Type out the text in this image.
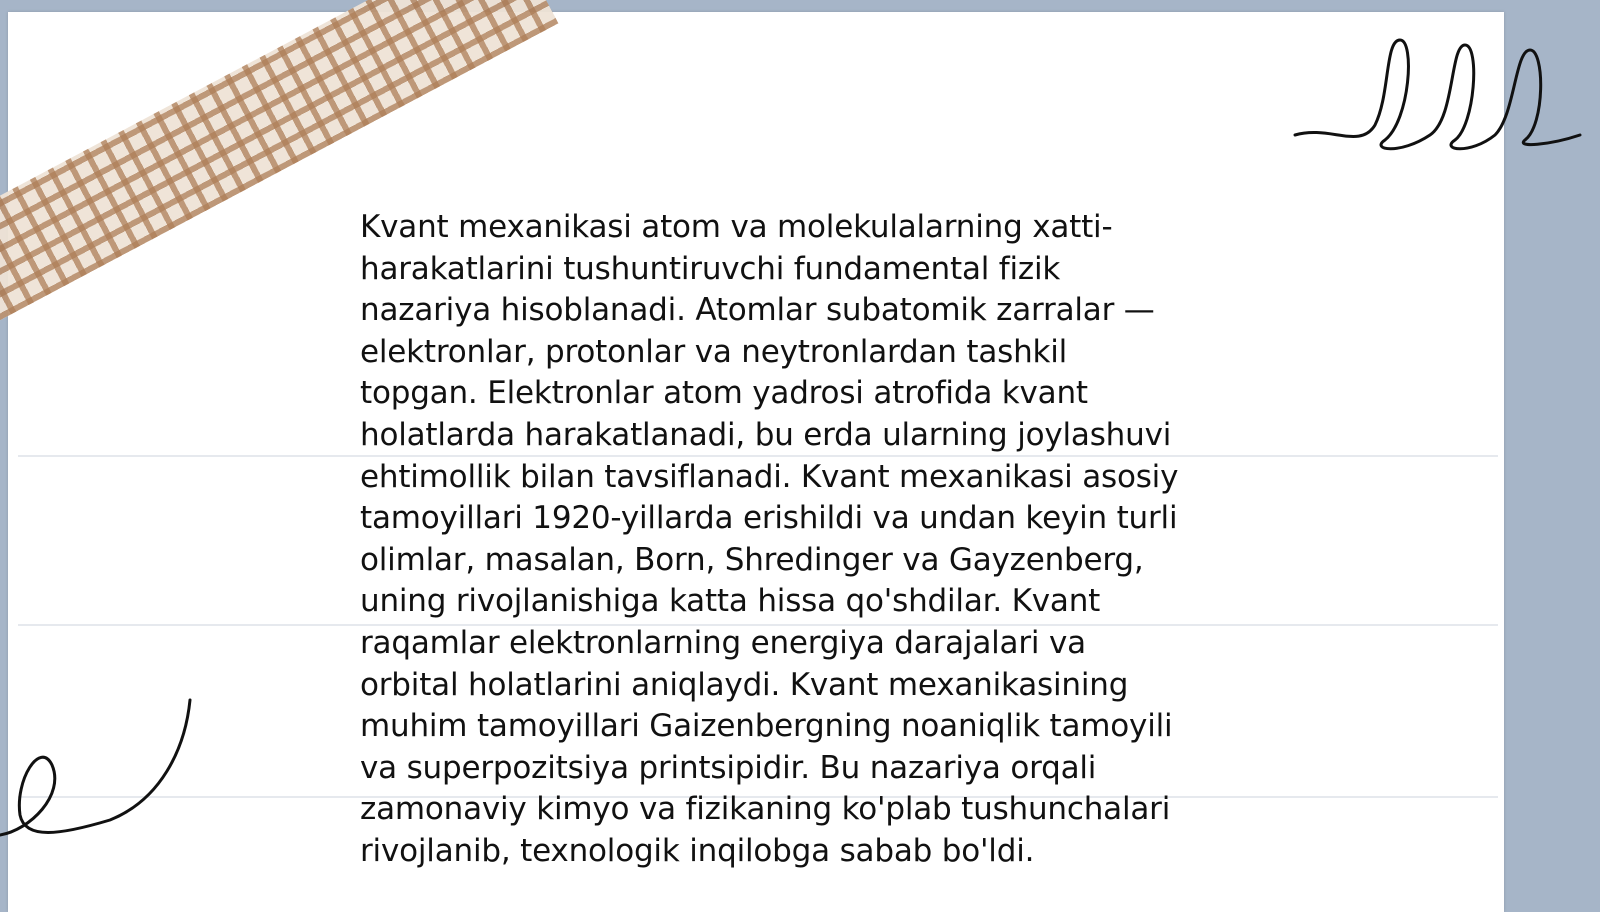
Kvant mexanikasi atom va molekulalarning xatti-
harakatlarini tushuntiruvchi fundamental fizik
nazariya hisoblanadi. Atomlar subatomik zarralar —
elektronlar, protonlar va neytronlardan tashkil
topgan. Elektronlar atom yadrosi atrofida kvant
holatlarda harakatlanadi, bu erda ularning joylashuvi
ehtimollik bilan tavsiflanadi. Kvant mexanikasi asosiy
tamoyillari 1920-yillarda erishildi va undan keyin turli
olimlar, masalan, Born, Shredinger va Gayzenberg,
uning rivojlanishiga katta hissa qo'shdilar. Kvant
raqamlar elektronlarning energiya darajalari va
orbital holatlarini aniqlaydi. Kvant mexanikasining
muhim tamoyillari Gaizenbergning noaniqlik tamoyili
va superpozitsiya printsipidir. Bu nazariya orqali
zamonaviy kimyo va fizikaning ko'plab tushunchalari
rivojlanib, texnologik inqilobga sabab bo'ldi.
